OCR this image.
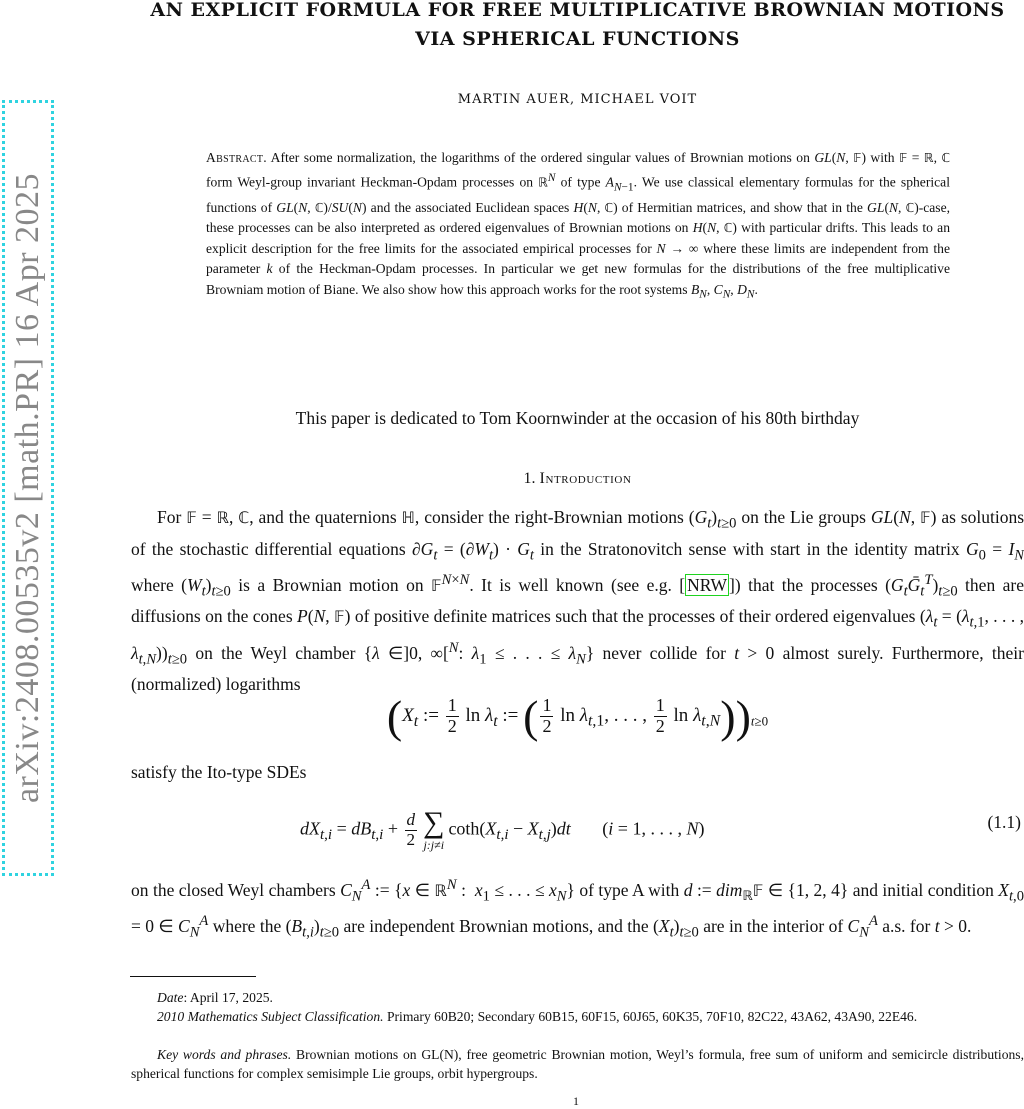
AN EXPLICIT FORMULA FOR FREE MULTIPLICATIVE BROWNIAN MOTIONS VIA SPHERICAL FUNCTIONS
MARTIN AUER, MICHAEL VOIT
arXiv:2408.00535v2 [math.PR] 16 Apr 2025
Abstract. After some normalization, the logarithms of the ordered singular values of Brownian motions on GL(N, 𝔽) with 𝔽 = ℝ, ℂ form Weyl-group invariant Heckman-Opdam processes on ℝ$^N$ of type $A_{N-1}$. We use classical elementary formulas for the spherical functions of GL(N, ℂ)/SU(N) and the associated Euclidean spaces H(N, ℂ) of Hermitian matrices, and show that in the GL(N, ℂ)-case, these processes can be also interpreted as ordered eigenvalues of Brownian motions on H(N, ℂ) with particular drifts. This leads to an explicit description for the free limits for the associated empirical processes for N → ∞ where these limits are independent from the parameter k of the Heckman-Opdam processes. In particular we get new formulas for the distributions of the free multiplicative Browniam motion of Biane. We also show how this approach works for the root systems $B_N$, $C_N$, $D_N$.
This paper is dedicated to Tom Koornwinder at the occasion of his 80th birthday
1. Introduction
For 𝔽 = ℝ, ℂ, and the quaternions ℍ, consider the right-Brownian motions $(G_t)_{t\ge 0}$ on the Lie groups GL(N, 𝔽) as solutions of the stochastic differential equations $\partial G_t = (\partial W_t) \cdot G_t$ in the Stratonovitch sense with start in the identity matrix $G_0 = I_N$ where $(W_t)_{t\ge 0}$ is a Brownian motion on 𝔽$^{N\times N}$. It is well known (see e.g. [ NRW ]) that the processes $(G_tḠ_t^T)_{t\ge 0}$ then are diffusions on the cones P(N, 𝔽) of positive definite matrices such that the processes of their ordered eigenvalues ($\lambda_t = (\lambda_{t,1}$, . . . , $\lambda_{t,N}))_{t\ge 0}$ on the Weyl chamber {λ ∈]0, ∞[$^N$: $\lambda_1$ ≤ . . . ≤ $\lambda_N$} never collide for t > 0 almost surely. Furthermore, their (normalized) logarithms
($X_t$ := $\frac{1}{2}$ $\ln \lambda_t$ := ( $\frac{1}{2}$ $\ln \lambda_{t,1}$, . . . , $\frac{1}{2}$ $\ln \lambda_{t,N}))_{t\ge 0}$
satisfy the Ito-type SDEs
$dX_{t,i} = dB_{t,i} + \frac{d}{2}$ ∑
j:j≠i
$\cot h(X_{t,i} - X_{t,j})dt$       (i = 1, . . . , N)	(1.1)
on the closed Weyl chambers $C_N^A$ := {x ∈ ℝ$^N$ :  $x_1$ ≤ . . . ≤ $x_N$} of type A with d := dim$_ℝ$𝔽 ∈ {1, 2, 4} and initial condition $X_{t,0} = 0$ ∈ $C_N^A$ where the $(B_{t,i})_{t\ge 0}$ are independent Brownian motions, and the $(X_t)_{t\ge 0}$ are in the interior of $C_N^A$ a.s. for t > 0.
Date: April 17, 2025.
2010 Mathematics Subject Classification. Primary 60B20; Secondary 60B15, 60F15, 60J65, 60K35, 70F10, 82C22, 43A62, 43A90, 22E46.
Key words and phrases. Brownian motions on GL(N), free geometric Brownian motion, Weyl’s formula, free sum of uniform and semicircle distributions, spherical functions for complex semisimple Lie groups, orbit hypergroups.
1
